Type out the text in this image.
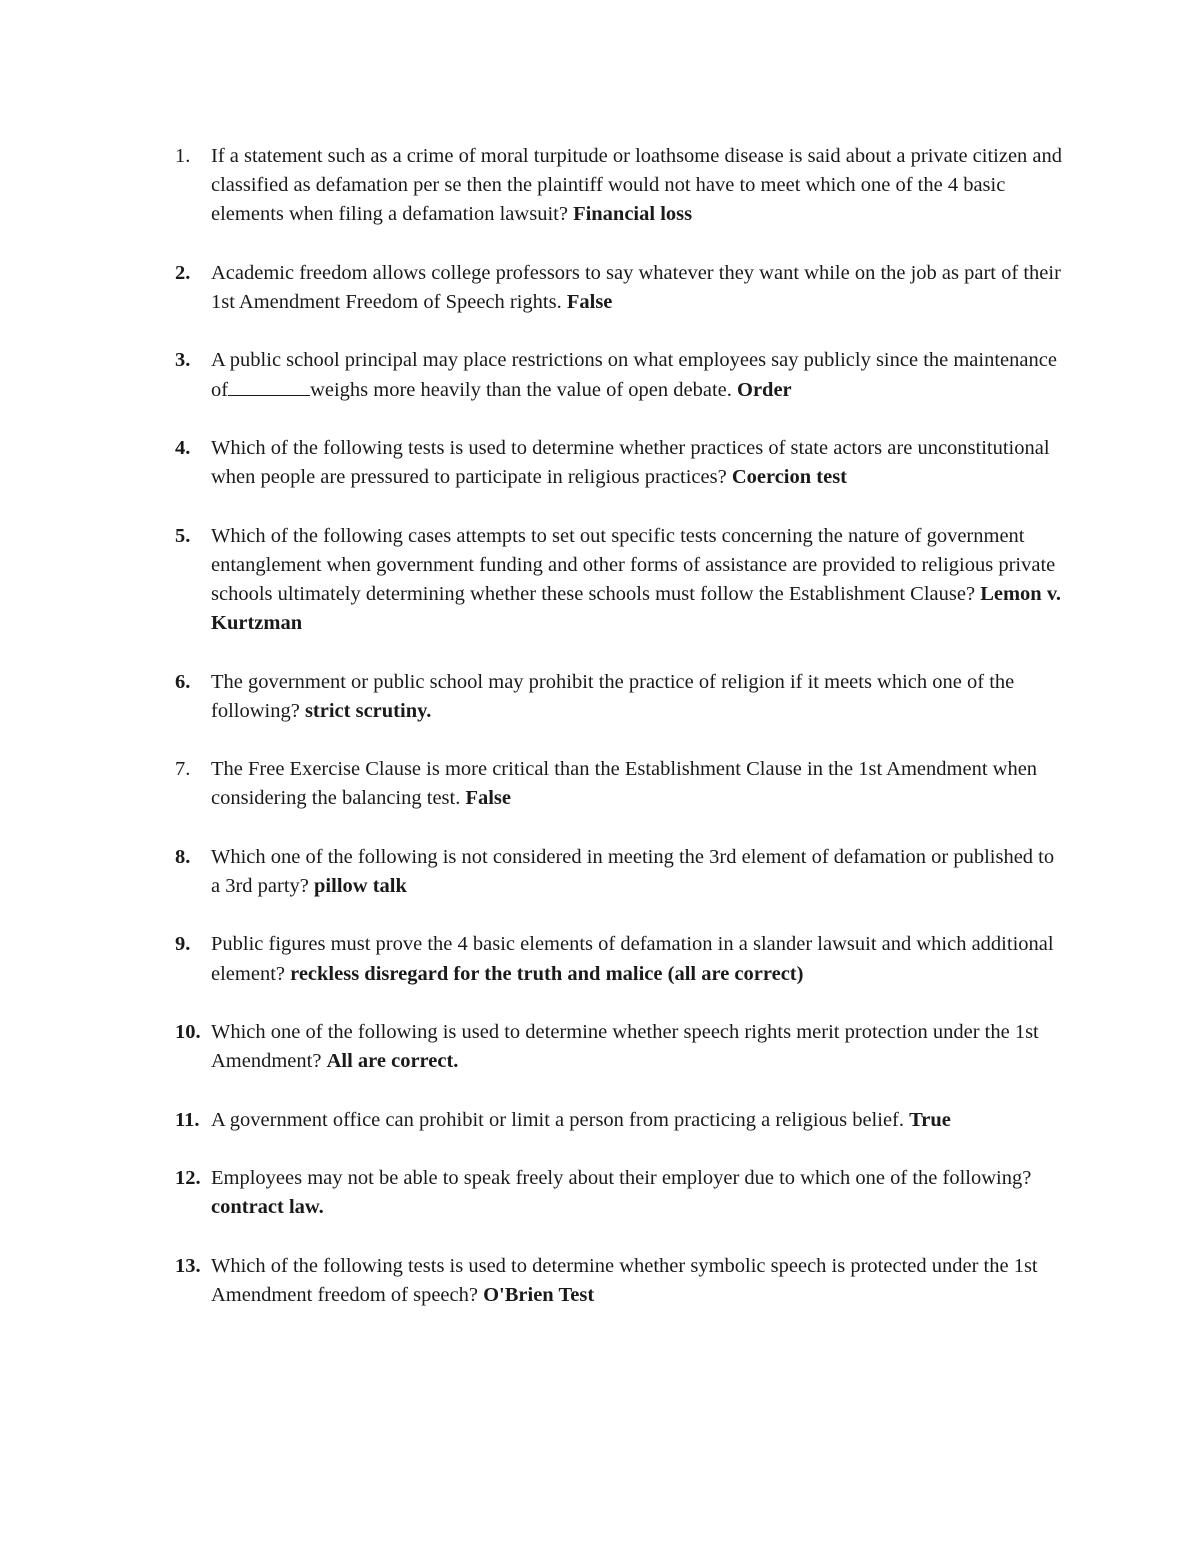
1. If a statement such as a crime of moral turpitude or loathsome disease is said about a private citizen and classified as defamation per se then the plaintiff would not have to meet which one of the 4 basic elements when filing a defamation lawsuit? Financial loss
2. Academic freedom allows college professors to say whatever they want while on the job as part of their 1st Amendment Freedom of Speech rights. False
3. A public school principal may place restrictions on what employees say publicly since the maintenance of	weighs more heavily than the value of open debate. Order
4. Which of the following tests is used to determine whether practices of state actors are unconstitutional when people are pressured to participate in religious practices? Coercion test
5. Which of the following cases attempts to set out specific tests concerning the nature of government entanglement when government funding and other forms of assistance are provided to religious private schools ultimately determining whether these schools must follow the Establishment Clause? Lemon v. Kurtzman
6. The government or public school may prohibit the practice of religion if it meets which one of the following? strict scrutiny.
7. The Free Exercise Clause is more critical than the Establishment Clause in the 1st Amendment when considering the balancing test. False
8. Which one of the following is not considered in meeting the 3rd element of defamation or published to a 3rd party? pillow talk
9. Public figures must prove the 4 basic elements of defamation in a slander lawsuit and which additional element? reckless disregard for the truth and malice (all are correct)
10. Which one of the following is used to determine whether speech rights merit protection under the 1st Amendment? All are correct.
11. A government office can prohibit or limit a person from practicing a religious belief. True
12. Employees may not be able to speak freely about their employer due to which one of the following? contract law.
13. Which of the following tests is used to determine whether symbolic speech is protected under the 1st Amendment freedom of speech? O'Brien Test
